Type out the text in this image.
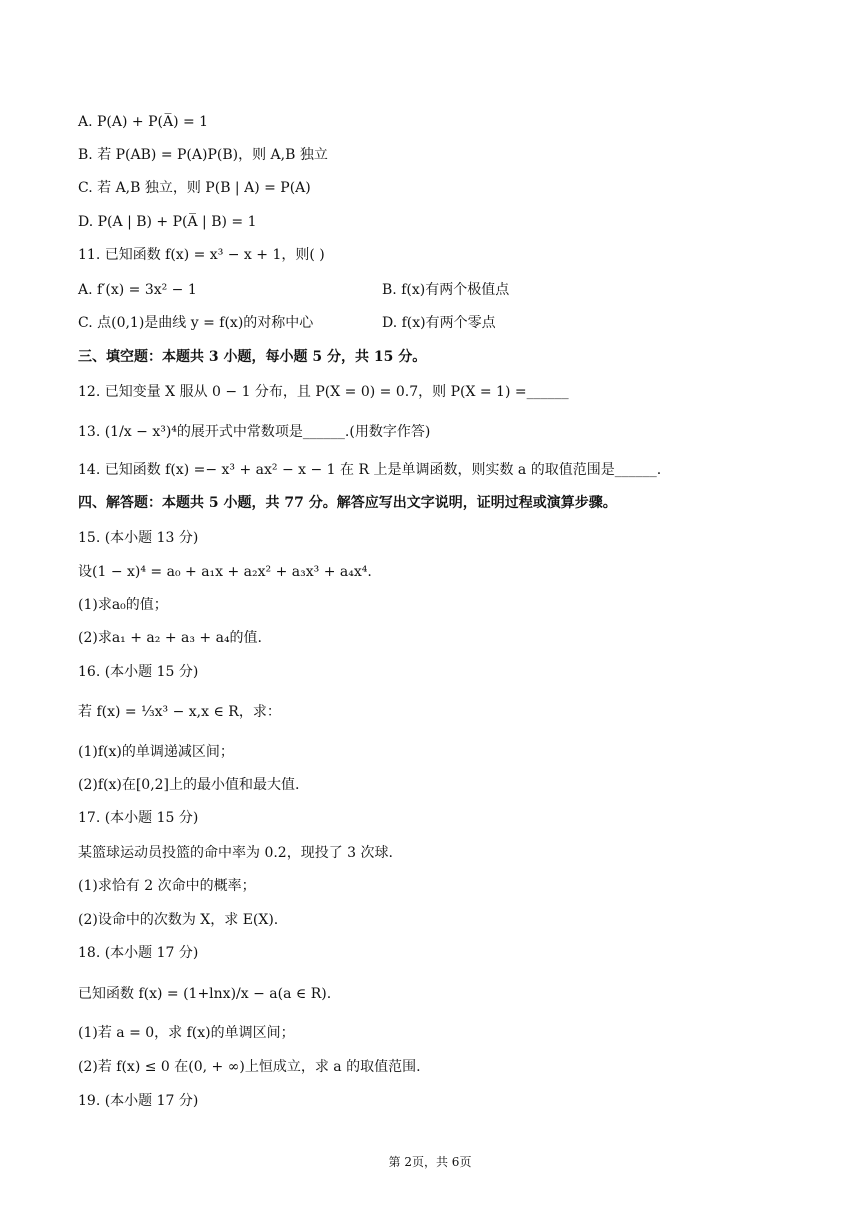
A. P(A) + P(A̅) = 1
B. 若 P(AB) = P(A)P(B)，则 A,B 独立
C. 若 A,B 独立，则 P(B | A) = P(A)
D. P(A | B) + P(A̅ | B) = 1
11. 已知函数 f(x) = x³ − x + 1，则( )
A. f′(x) = 3x² − 1	B. f(x)有两个极值点
C. 点(0,1)是曲线 y = f(x)的对称中心	D. f(x)有两个零点
三、填空题：本题共 3 小题，每小题 5 分，共 15 分。
12. 已知变量 X 服从 0 − 1 分布，且 P(X = 0) = 0.7，则 P(X = 1) =______
13. (1/x − x³)⁴的展开式中常数项是______.(用数字作答)
14. 已知函数 f(x) =− x³ + ax² − x − 1 在 R 上是单调函数，则实数 a 的取值范围是______.
四、解答题：本题共 5 小题，共 77 分。解答应写出文字说明，证明过程或演算步骤。
15. (本小题 13 分)
设(1 − x)⁴ = a₀ + a₁x + a₂x² + a₃x³ + a₄x⁴.
(1)求a₀的值；
(2)求a₁ + a₂ + a₃ + a₄的值.
16. (本小题 15 分)
若 f(x) = ⅓x³ − x,x ∈ R，求：
(1)f(x)的单调递减区间；
(2)f(x)在[0,2]上的最小值和最大值.
17. (本小题 15 分)
某篮球运动员投篮的命中率为 0.2，现投了 3 次球.
(1)求恰有 2 次命中的概率；
(2)设命中的次数为 X，求 E(X).
18. (本小题 17 分)
已知函数 f(x) = (1+lnx)/x − a(a ∈ R).
(1)若 a = 0，求 f(x)的单调区间；
(2)若 f(x) ≤ 0 在(0, + ∞)上恒成立，求 a 的取值范围.
19. (本小题 17 分)
第 2页，共 6页
